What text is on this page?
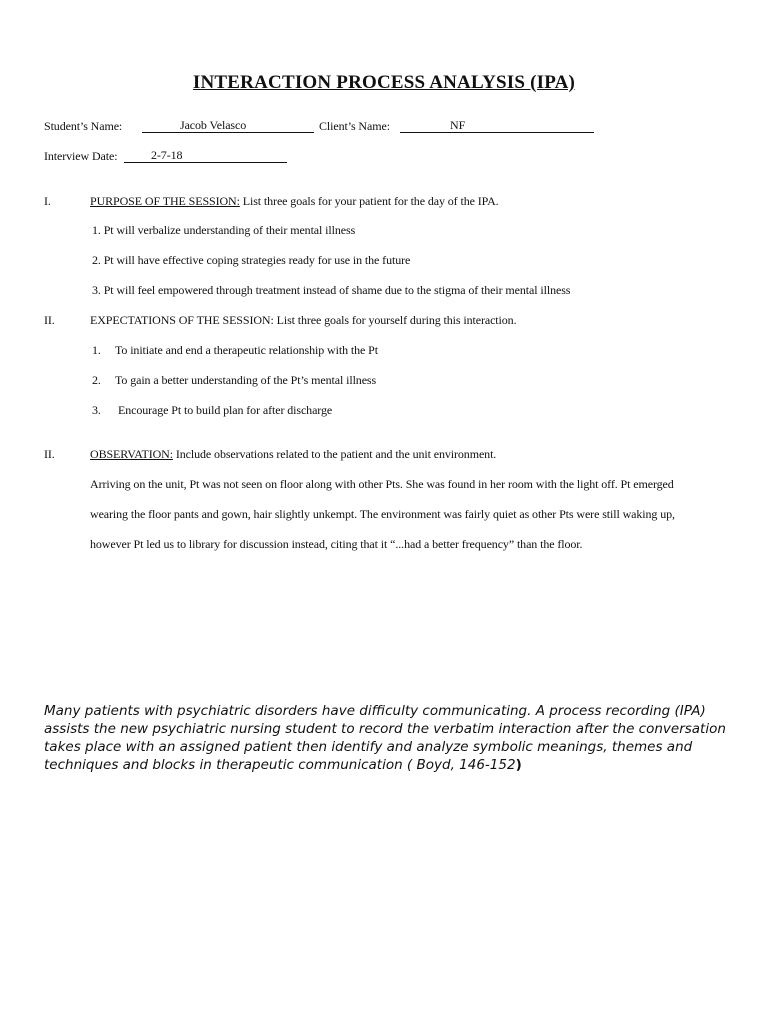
INTERACTION PROCESS ANALYSIS (IPA)
Student’s Name:	Jacob Velasco	Client’s Name:	NF
Interview Date:	2-7-18
I.	PURPOSE OF THE SESSION: List three goals for your patient for the day of the IPA.
1. Pt will verbalize understanding of their mental illness
2. Pt will have effective coping strategies ready for use in the future
3. Pt will feel empowered through treatment instead of shame due to the stigma of their mental illness
II.	EXPECTATIONS OF THE SESSION: List three goals for yourself during this interaction.
1. To initiate and end a therapeutic relationship with the Pt
2. To gain a better understanding of the Pt’s mental illness
3. Encourage Pt to build plan for after discharge
II.	OBSERVATION: Include observations related to the patient and the unit environment.
Arriving on the unit, Pt was not seen on floor along with other Pts. She was found in her room with the light off. Pt emerged
wearing the floor pants and gown, hair slightly unkempt. The environment was fairly quiet as other Pts were still waking up,
however Pt led us to library for discussion instead, citing that it “...had a better frequency” than the floor.
Many patients with psychiatric disorders have difficulty communicating. A process recording (IPA) assists the new psychiatric nursing student to record the verbatim interaction after the conversation takes place with an assigned patient then identify and analyze symbolic meanings, themes and techniques and blocks in therapeutic communication ( Boyd, 146-152)
